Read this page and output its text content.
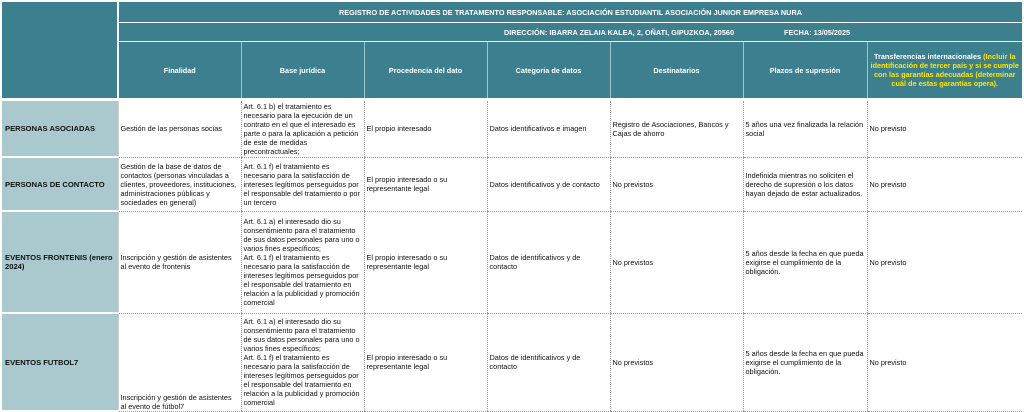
	REGISTRO DE ACTIVIDADES DE TRATAMENTO RESPONSABLE: ASOCIACIÓN ESTUDIANTIL ASOCIACIÓN JUNIOR EMPRESA NURA						

	DIRECCIÓN: IBARRA ZELAIA KALEA, 2, OÑATI, GIPUZKOA, 20560 FECHA: 13/05/2025						

	Finalidad	Base jurídica	Procedencia del dato	Categoria de datos	Destinatarios	Plazos de supresión	Transferencias internacionales (Incluir la identificación de tercer país y si se cumple con las garantías adecuadas (determinar cuál de estas garantías opera).

PERSONAS ASOCIADAS	Gestión de las personas socias	Art. 6.1 b) el tratamiento es necesario para la ejecución de un contrato en el que el interesado es parte o para la aplicación a petición de este de medidas precontractuales;	El propio interesado	Datos identificativos e imagen	Registro de Asociaciones, Bancos y Cajas de ahorro	5 años una vez finalizada la relación social	No previsto
PERSONAS DE CONTACTO	Gestión de la base de datos de contactos (personas vinculadas a clientes, proveedores, instituciones, administraciones públicas y sociedades en general)	Art. 6.1 f) el tratamiento es necesario para la satisfacción de intereses legítimos perseguidos por el responsable del tratamiento o por un tercero	El propio interesado o su representante legal	Datos identificativos y de contacto	No previstos	Indefinida mientras no soliciten el derecho de supresión o los datos hayan dejado de estar actualizados.	No previsto
EVENTOS FRONTENIS (enero 2024)	Inscripción y gestión de asistentes al evento de frontenis	Art. 6.1 a) el interesado dio su consentimiento para el tratamiento de sus datos personales para uno o varios fines específicos;
Art. 6.1 f) el tratamiento es necesario para la satisfacción de intereses legítimos perseguidos por el responsable del tratamiento en relación a la publicidad y promoción comercial	El propio interesado o su representante legal	Datos de identificativos y de contacto	No previstos	5 años desde la fecha en que pueda exigirse el cumplimiento de la obligación.	No previsto
EVENTOS FUTBOL7	Inscripción y gestión de asistentes al evento de fútbol7	Art. 6.1 a) el interesado dio su consentimiento para el tratamiento de sus datos personales para uno o varios fines específicos;
Art. 6.1 f) el tratamiento es necesario para la satisfacción de intereses legítimos perseguidos por el responsable del tratamiento en relación a la publicidad y promoción comercial	El propio interesado o su representante legal	Datos de identificativos y de contacto	No previstos	5 años desde la fecha en que pueda exigirse el cumplimiento de la obligación.	No previsto
